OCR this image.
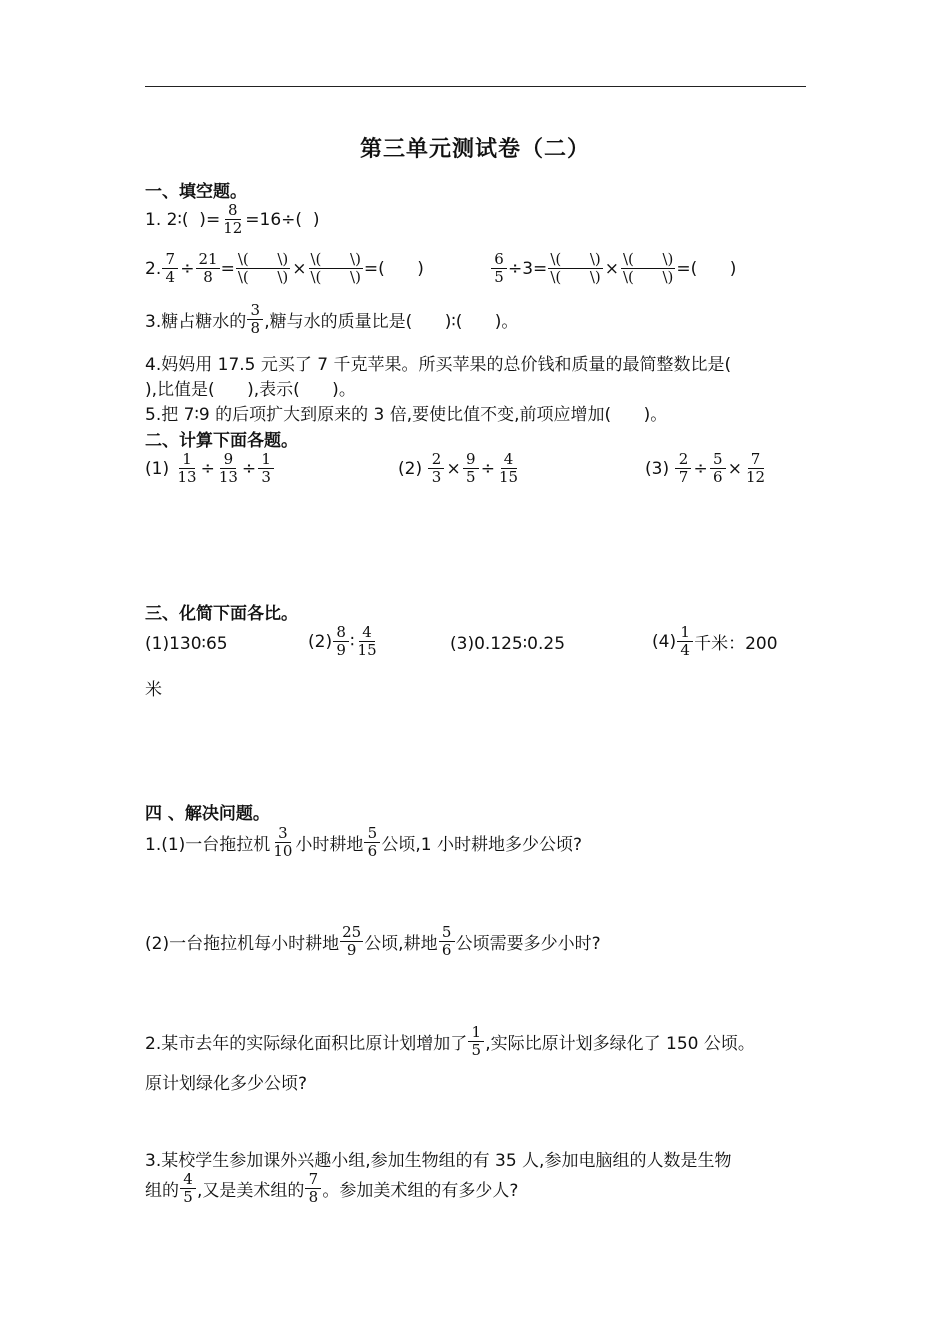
第三单元测试卷（二）
一、填空题。
1. 2∶( )= $\frac{8}{12} =16\div$( )
2. $\frac{7}{4} \div \frac{21}{8} = \frac{\backslash( \backslash)}{\backslash( \backslash)} \times \frac{\backslash( \backslash)}{\backslash( \backslash)}$ =(      )	$\frac{6}{5} \div 3= \frac{\backslash( \backslash)}{\backslash( \backslash)} \times \frac{\backslash( \backslash)}{\backslash( \backslash)}$ =(      )
3.糖占糖水的 $\frac{3}{8}$ ,糖与水的质量比是(      )∶(      )。
4.妈妈用 17.5 元买了 7 千克苹果。所买苹果的总价钱和质量的最简整数比是(
),比值是(      ),表示(      )。
5.把 7∶9 的后项扩大到原来的 3 倍,要使比值不变,前项应增加(      )。
二、计算下面各题。
$(1) \frac{1}{13} \div \frac{9}{13} \div \frac{1}{3}$	$(2) \frac{2}{3} \times \frac{9}{5} \div \frac{4}{15}$	$(3) \frac{2}{7} \div \frac{5}{6} \times \frac{7}{12}$
三、化简下面各比。
(1)130∶65	$(2) \frac{8}{9}$ ∶ $\frac{4}{15}$	(3)0.125∶0.25	$(4) \frac{1}{4}$ 千米：200
米
四 、解决问题。
1.(1)一台拖拉机 $\frac{3}{10}$ 小时耕地 $\frac{5}{6}$ 公顷,1 小时耕地多少公顷?
(2)一台拖拉机每小时耕地 $\frac{25}{9}$ 公顷,耕地 $\frac{5}{6}$ 公顷需要多少小时?
2.某市去年的实际绿化面积比原计划增加了 $\frac{1}{5}$ ,实际比原计划多绿化了 150 公顷。
原计划绿化多少公顷?
3.某校学生参加课外兴趣小组,参加生物组的有 35 人,参加电脑组的人数是生物
组的 $\frac{4}{5}$ ,又是美术组的 $\frac{7}{8}$ 。参加美术组的有多少人?
